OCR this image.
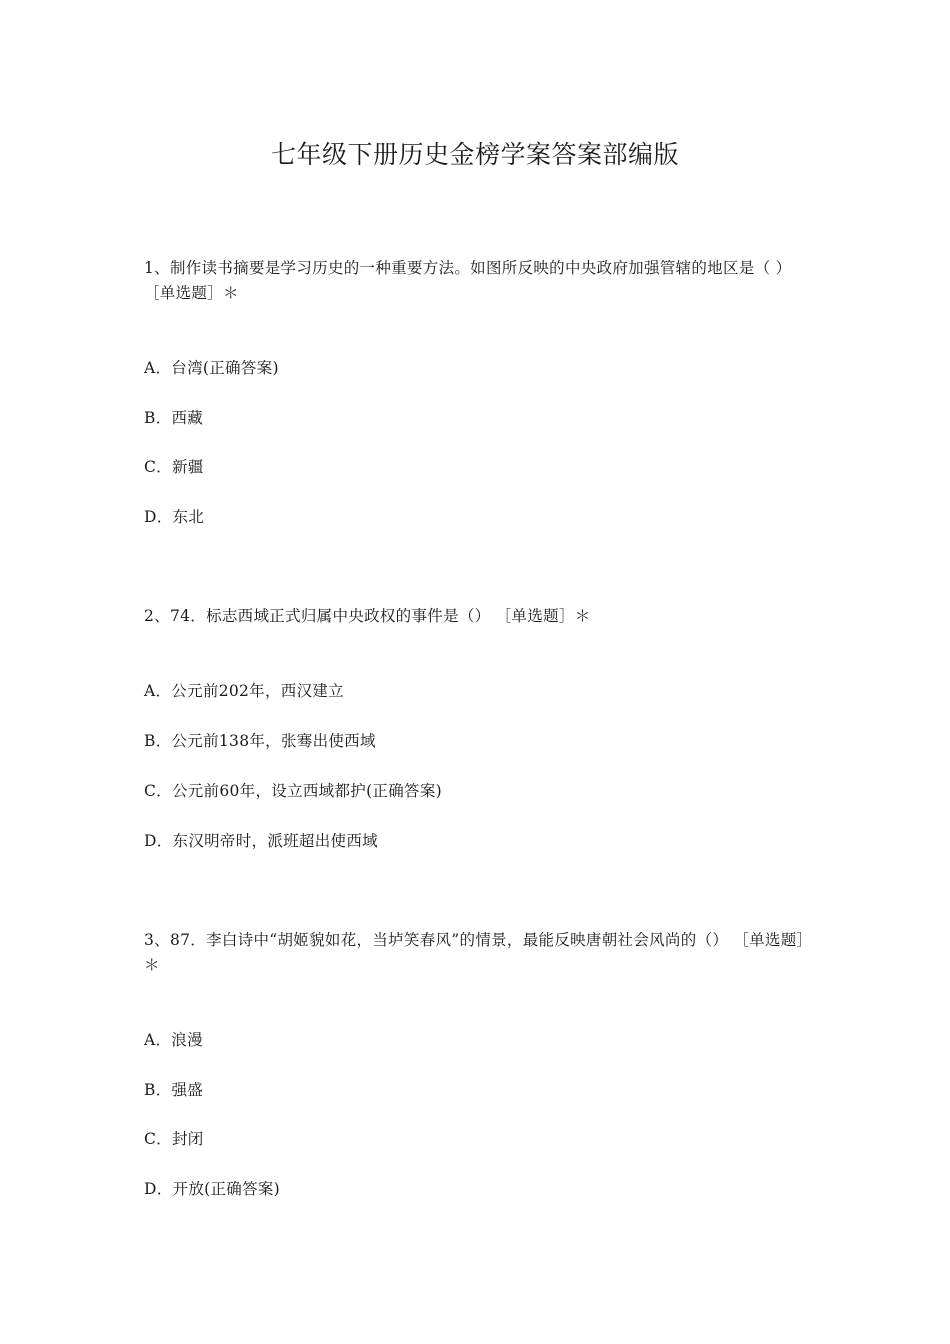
七年级下册历史金榜学案答案部编版

1、制作读书摘要是学习历史的一种重要方法。如图所反映的中央政府加强管辖的地区是（ ）［单选题］＊

A．台湾(正确答案)
B．西藏
C．新疆
D．东北

2、74．标志西域正式归属中央政权的事件是（） ［单选题］＊

A．公元前202年，西汉建立
B．公元前138年，张骞出使西域
C．公元前60年，设立西域都护(正确答案)
D．东汉明帝时，派班超出使西域

3、87．李白诗中“胡姬貌如花，当垆笑春风”的情景，最能反映唐朝社会风尚的（） ［单选题］＊

A．浪漫
B．强盛
C．封闭
D．开放(正确答案)
